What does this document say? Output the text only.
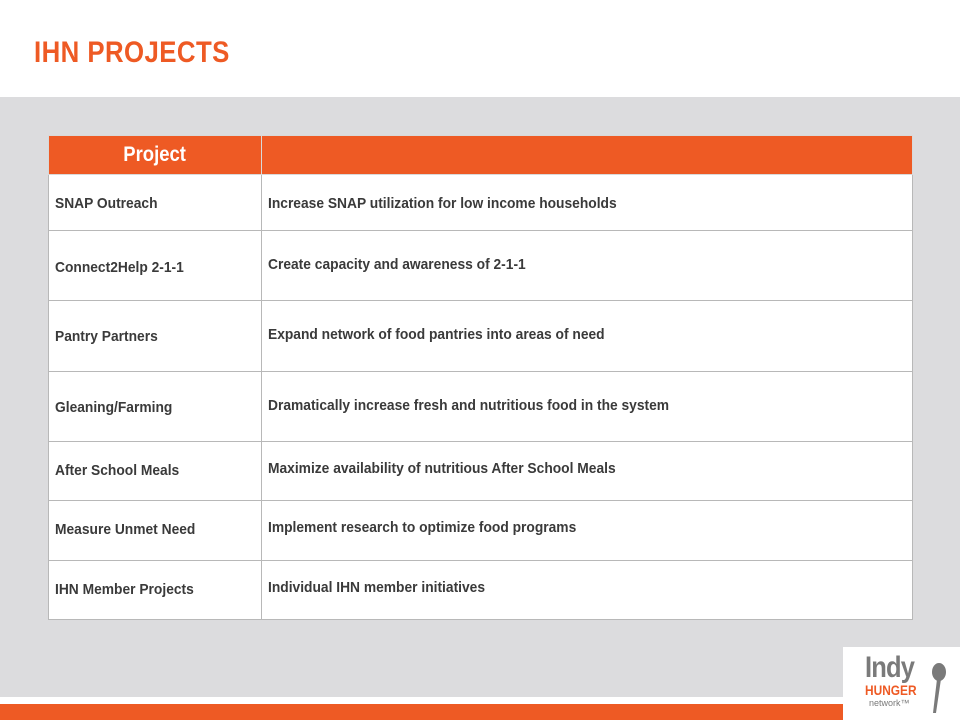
IHN PROJECTS
Project	
SNAP Outreach	Increase SNAP utilization for low income households
Connect2Help 2-1-1	Create capacity and awareness of 2-1-1
Pantry Partners	Expand network of food pantries into areas of need
Gleaning/Farming	Dramatically increase fresh and nutritious food in the system
After School Meals	Maximize availability of nutritious After School Meals
Measure Unmet Need	Implement research to optimize food programs
IHN Member Projects	Individual IHN member initiatives
Indy
HUNGER
network™
